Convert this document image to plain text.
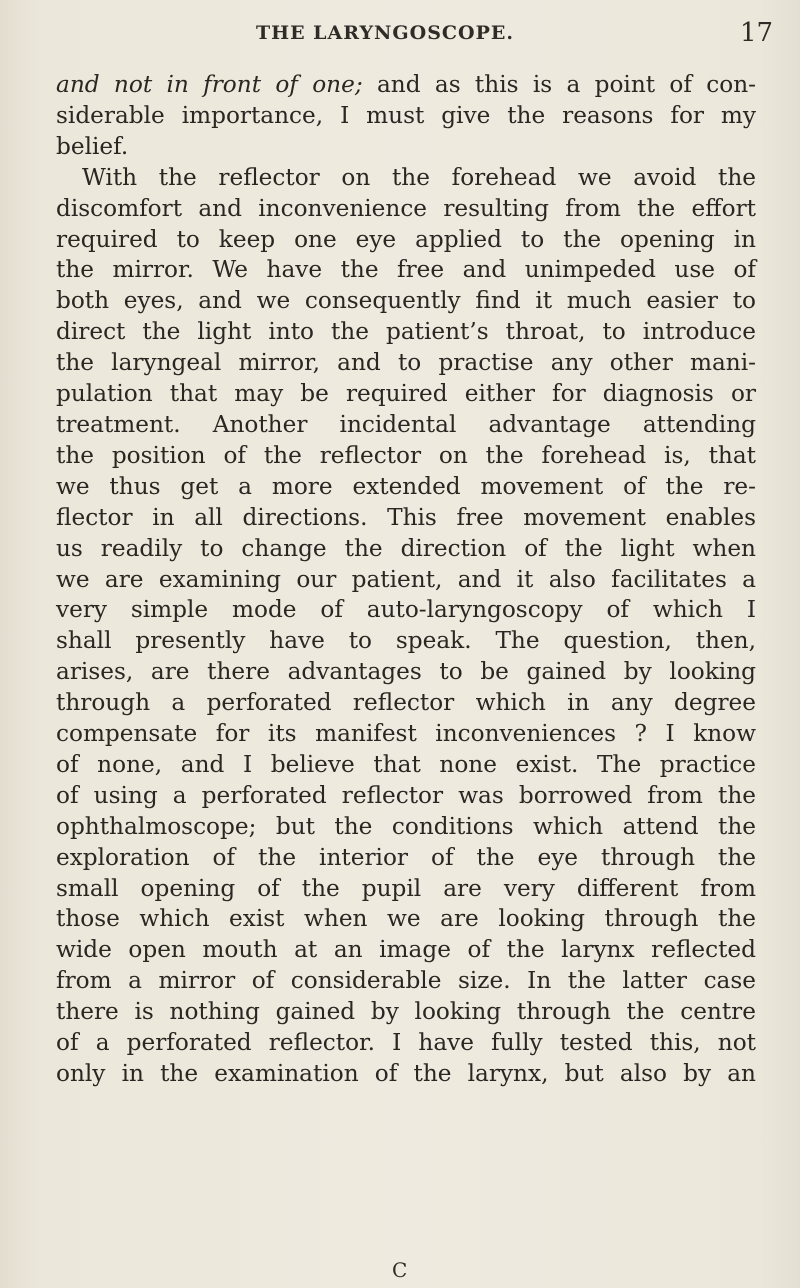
THE LARYNGOSCOPE.	17
and not in front of one; and as this is a point of con-
siderable importance, I must give the reasons for my
belief.
With the reflector on the forehead we avoid the
discomfort and inconvenience resulting from the effort
required to keep one eye applied to the opening in
the mirror. We have the free and unimpeded use of
both eyes, and we consequently find it much easier to
direct the light into the patient’s throat, to introduce
the laryngeal mirror, and to practise any other mani-
pulation that may be required either for diagnosis or
treatment. Another incidental advantage attending
the position of the reflector on the forehead is, that
we thus get a more extended movement of the re-
flector in all directions. This free movement enables
us readily to change the direction of the light when
we are examining our patient, and it also facilitates a
very simple mode of auto-laryngoscopy of which I
shall presently have to speak. The question, then,
arises, are there advantages to be gained by looking
through a perforated reflector which in any degree
compensate for its manifest inconveniences ? I know
of none, and I believe that none exist. The practice
of using a perforated reflector was borrowed from the
ophthalmoscope; but the conditions which attend the
exploration of the interior of the eye through the
small opening of the pupil are very different from
those which exist when we are looking through the
wide open mouth at an image of the larynx reflected
from a mirror of considerable size. In the latter case
there is nothing gained by looking through the centre
of a perforated reflector. I have fully tested this, not
only in the examination of the larynx, but also by an
C
